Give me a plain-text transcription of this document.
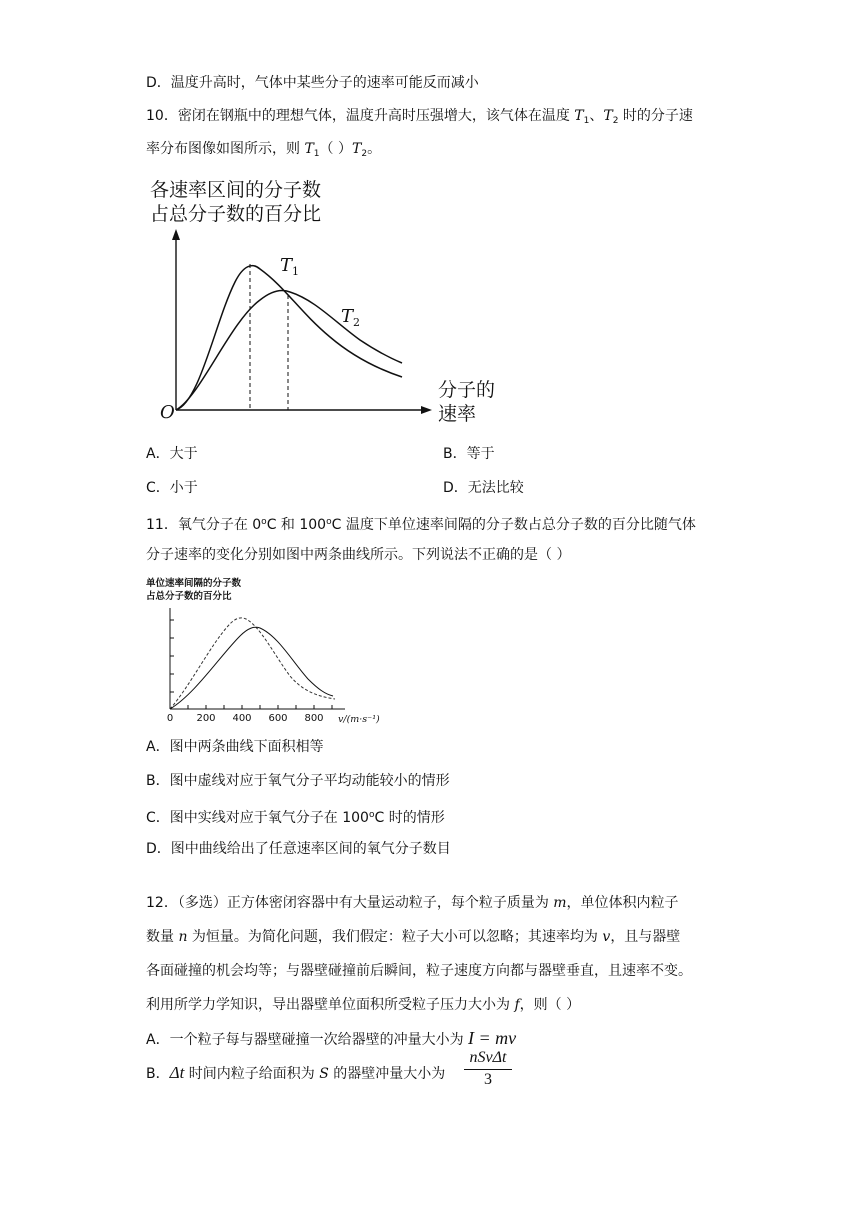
D．温度升高时，气体中某些分子的速率可能反而减小
10．密闭在钢瓶中的理想气体，温度升高时压强增大，该气体在温度 $T_1$、$T_2$ 时的分子速
率分布图像如图所示，则 $T_1$（ ）$T_2$。
各速率区间的分子数
占总分子数的百分比
O
分子的
速率
$T_1$
$T_2$
A．大于	B．等于
C．小于	D．无法比较
11．氧气分子在 0$^o$C 和 100$^o$C 温度下单位速率间隔的分子数占总分子数的百分比随气体
分子速率的变化分别如图中两条曲线所示。下列说法不正确的是（ ）
单位速率间隔的分子数
占总分子数的百分比
0 200 400 600 800 v/(m·s⁻¹)
A．图中两条曲线下面积相等
B．图中虚线对应于氧气分子平均动能较小的情形
C．图中实线对应于氧气分子在 100$^o$C 时的情形
D．图中曲线给出了任意速率区间的氧气分子数目
12．（多选）正方体密闭容器中有大量运动粒子，每个粒子质量为 m，单位体积内粒子
数量 n 为恒量。为简化问题，我们假定：粒子大小可以忽略；其速率均为 v，且与器壁
各面碰撞的机会均等；与器壁碰撞前后瞬间，粒子速度方向都与器壁垂直，且速率不变。
利用所学力学知识，导出器壁单位面积所受粒子压力大小为 f，则（ ）
A．一个粒子每与器壁碰撞一次给器壁的冲量大小为 I = mv
B．Δt 时间内粒子给面积为 S 的器壁冲量大小为
nSvΔt
3
